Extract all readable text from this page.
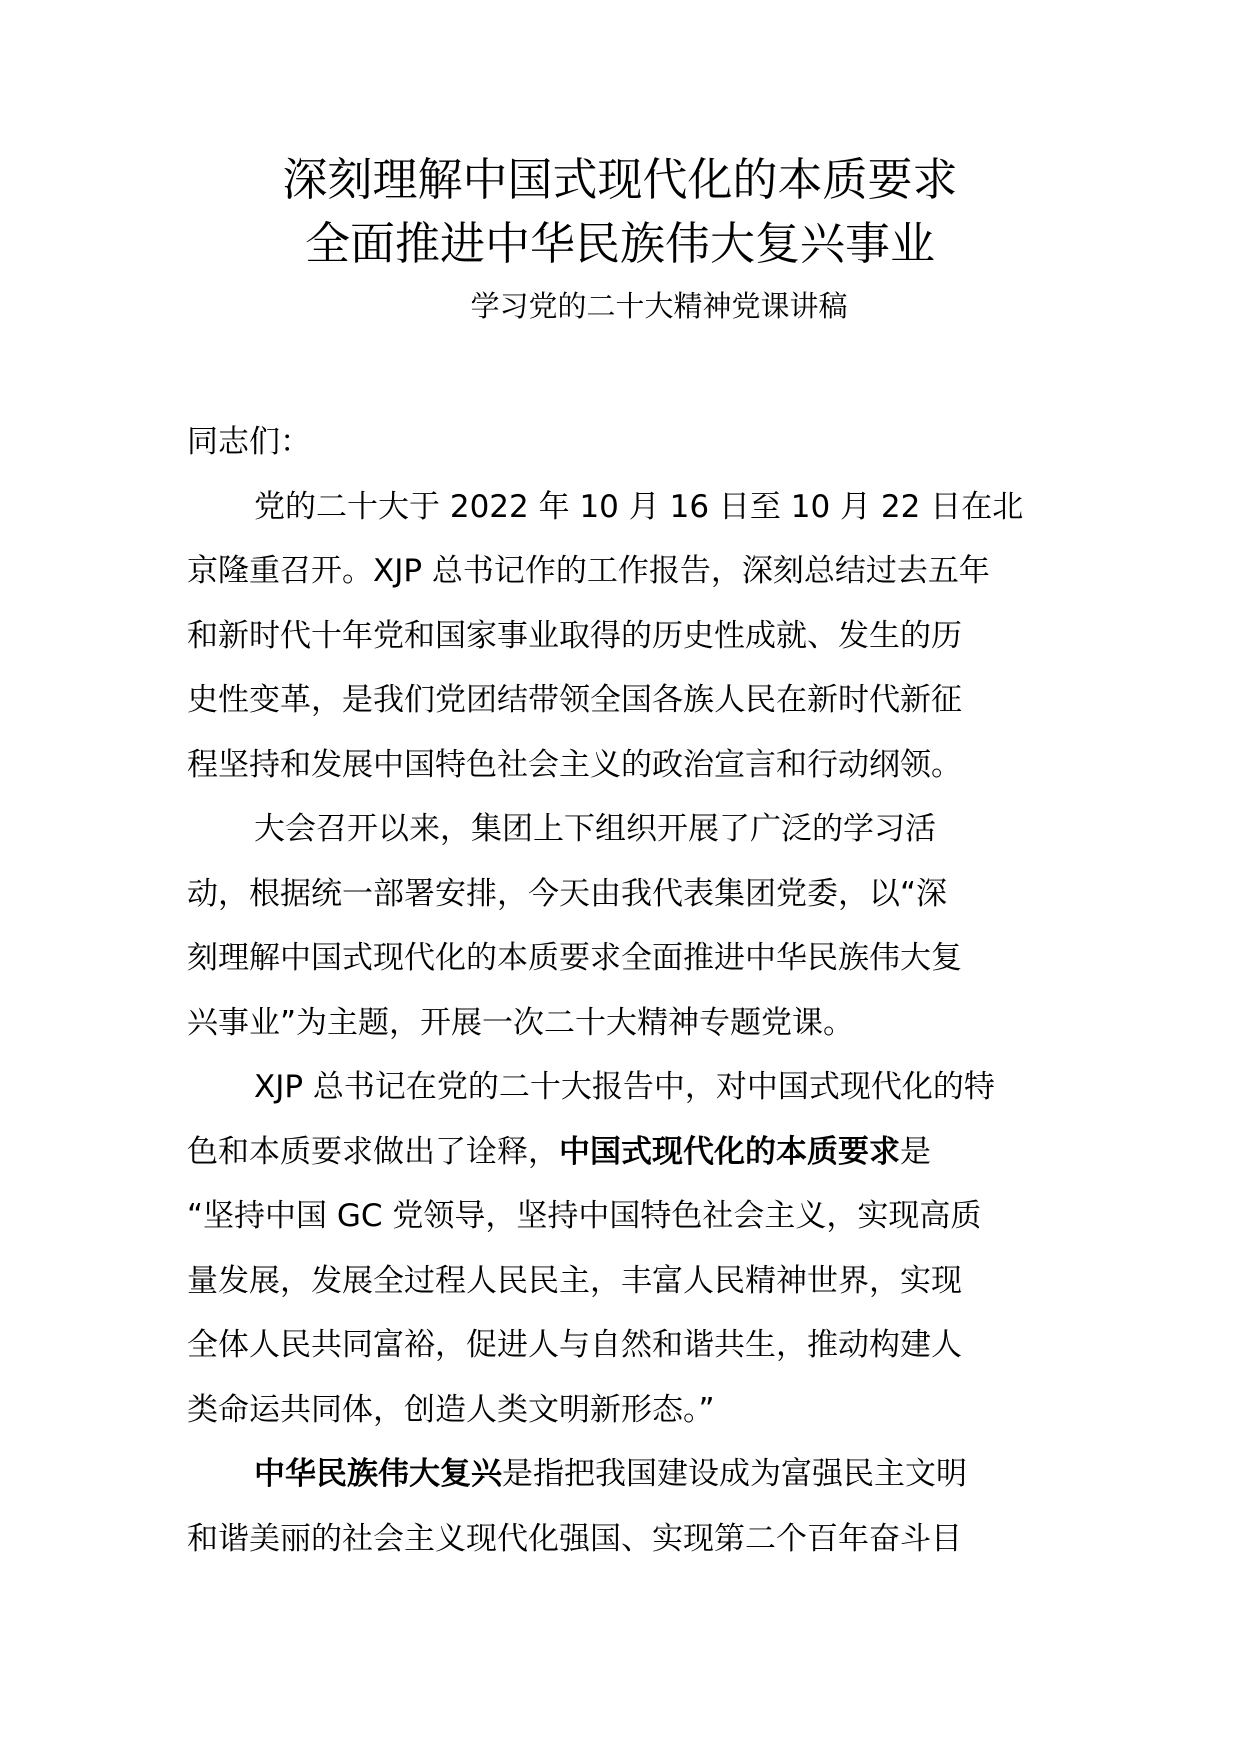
深刻理解中国式现代化的本质要求
全面推进中华民族伟大复兴事业
学习党的二十大精神党课讲稿
同志们：
党的二十大于 2022 年 10 月 16 日至 10 月 22 日在北
京隆重召开。XJP 总书记作的工作报告，深刻总结过去五年
和新时代十年党和国家事业取得的历史性成就、发生的历
史性变革，是我们党团结带领全国各族人民在新时代新征
程坚持和发展中国特色社会主义的政治宣言和行动纲领。
大会召开以来，集团上下组织开展了广泛的学习活
动，根据统一部署安排，今天由我代表集团党委，以“深
刻理解中国式现代化的本质要求全面推进中华民族伟大复
兴事业”为主题，开展一次二十大精神专题党课。
XJP 总书记在党的二十大报告中，对中国式现代化的特
色和本质要求做出了诠释，中国式现代化的本质要求是
“坚持中国 GC 党领导，坚持中国特色社会主义，实现高质
量发展，发展全过程人民民主，丰富人民精神世界，实现
全体人民共同富裕，促进人与自然和谐共生，推动构建人
类命运共同体，创造人类文明新形态。”
中华民族伟大复兴是指把我国建设成为富强民主文明
和谐美丽的社会主义现代化强国、实现第二个百年奋斗目
